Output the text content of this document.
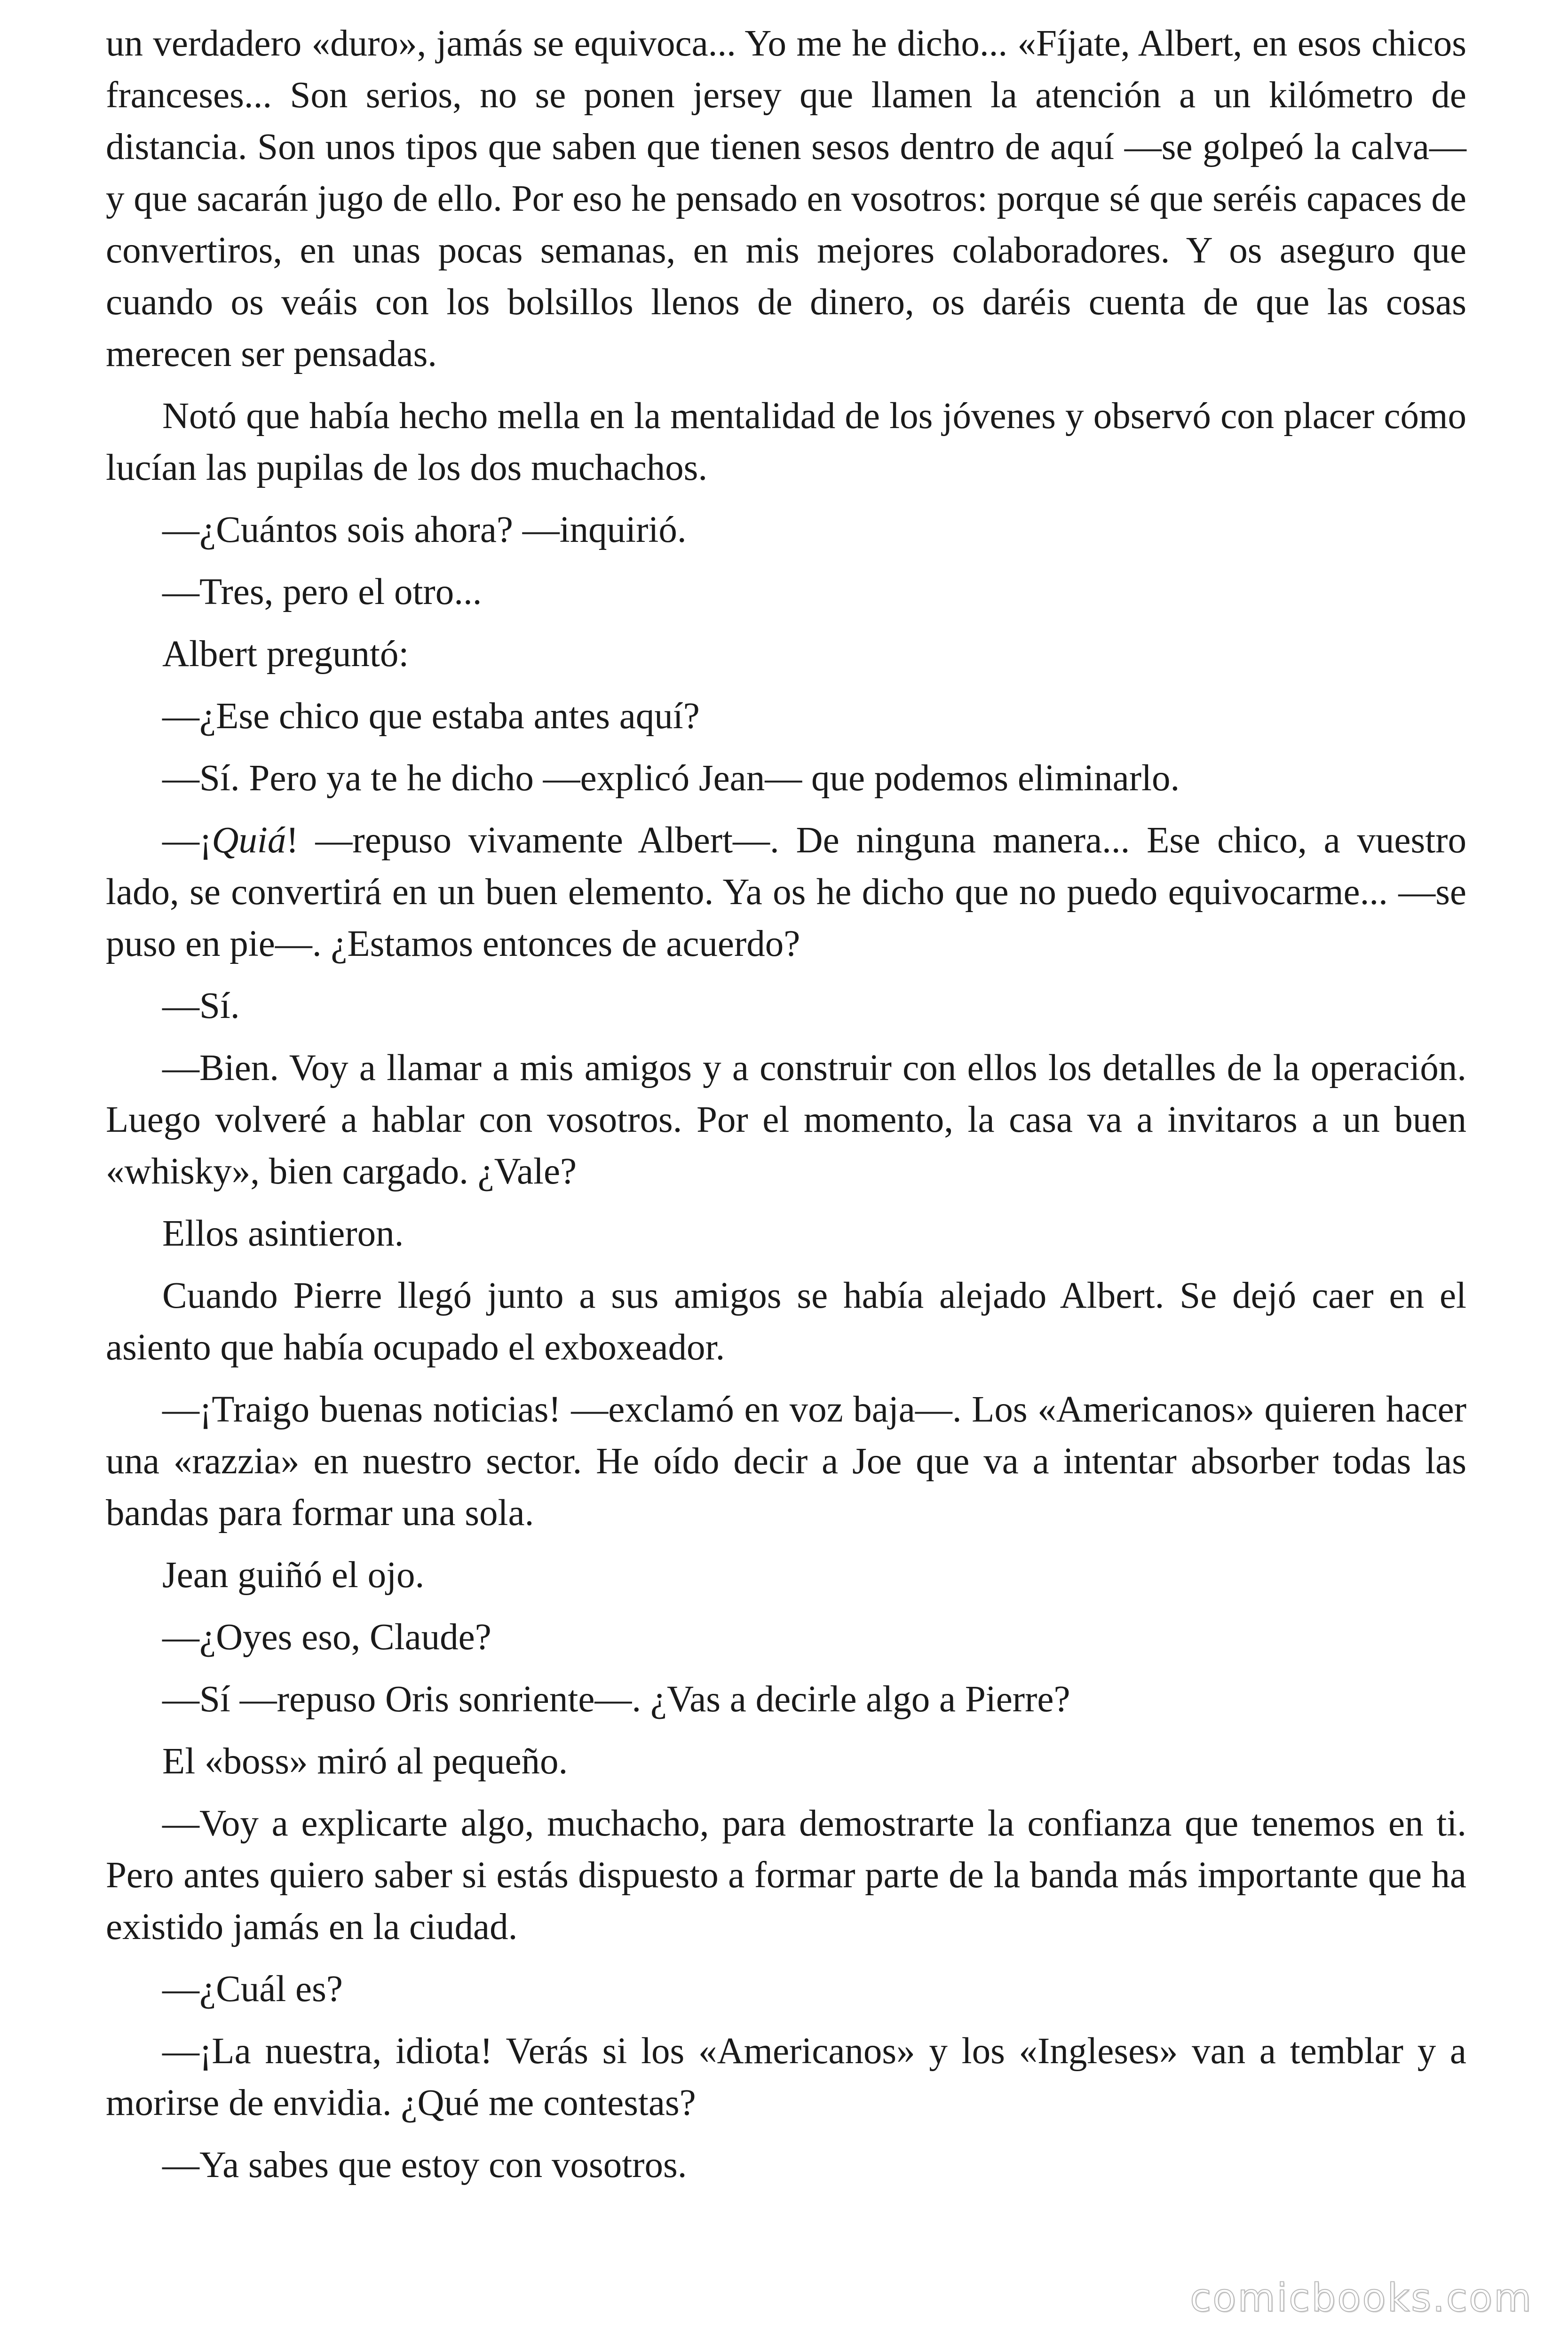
un verdadero «duro», jamás se equivoca... Yo me he dicho... «Fíjate, Albert, en esos chicos franceses... Son serios, no se ponen jersey que llamen la atención a un kilómetro de distancia. Son unos tipos que saben que tienen sesos dentro de aquí —se golpeó la calva— y que sacarán jugo de ello. Por eso he pensado en vosotros: porque sé que seréis capaces de convertiros, en unas pocas semanas, en mis mejores colaboradores. Y os aseguro que cuando os veáis con los bolsillos llenos de dinero, os daréis cuenta de que las cosas merecen ser pensadas.

Notó que había hecho mella en la mentalidad de los jóvenes y observó con placer cómo lucían las pupilas de los dos muchachos.

—¿Cuántos sois ahora? —inquirió.

—Tres, pero el otro...

Albert preguntó:

—¿Ese chico que estaba antes aquí?

—Sí. Pero ya te he dicho —explicó Jean— que podemos eliminarlo.

—¡Quiá! —repuso vivamente Albert—. De ninguna manera... Ese chico, a vuestro lado, se convertirá en un buen elemento. Ya os he dicho que no puedo equivocarme... —se puso en pie—. ¿Estamos entonces de acuerdo?

—Sí.

—Bien. Voy a llamar a mis amigos y a construir con ellos los detalles de la operación. Luego volveré a hablar con vosotros. Por el momento, la casa va a invitaros a un buen «whisky», bien cargado. ¿Vale?

Ellos asintieron.

Cuando Pierre llegó junto a sus amigos se había alejado Albert. Se dejó caer en el asiento que había ocupado el exboxeador.

—¡Traigo buenas noticias! —exclamó en voz baja—. Los «Americanos» quieren hacer una «razzia» en nuestro sector. He oído decir a Joe que va a intentar absorber todas las bandas para formar una sola.

Jean guiñó el ojo.

—¿Oyes eso, Claude?

—Sí —repuso Oris sonriente—. ¿Vas a decirle algo a Pierre?

El «boss» miró al pequeño.

—Voy a explicarte algo, muchacho, para demostrarte la confianza que tenemos en ti. Pero antes quiero saber si estás dispuesto a formar parte de la banda más importante que ha existido jamás en la ciudad.

—¿Cuál es?

—¡La nuestra, idiota! Verás si los «Americanos» y los «Ingleses» van a temblar y a morirse de envidia. ¿Qué me contestas?

—Ya sabes que estoy con vosotros.

comicbooks.com
